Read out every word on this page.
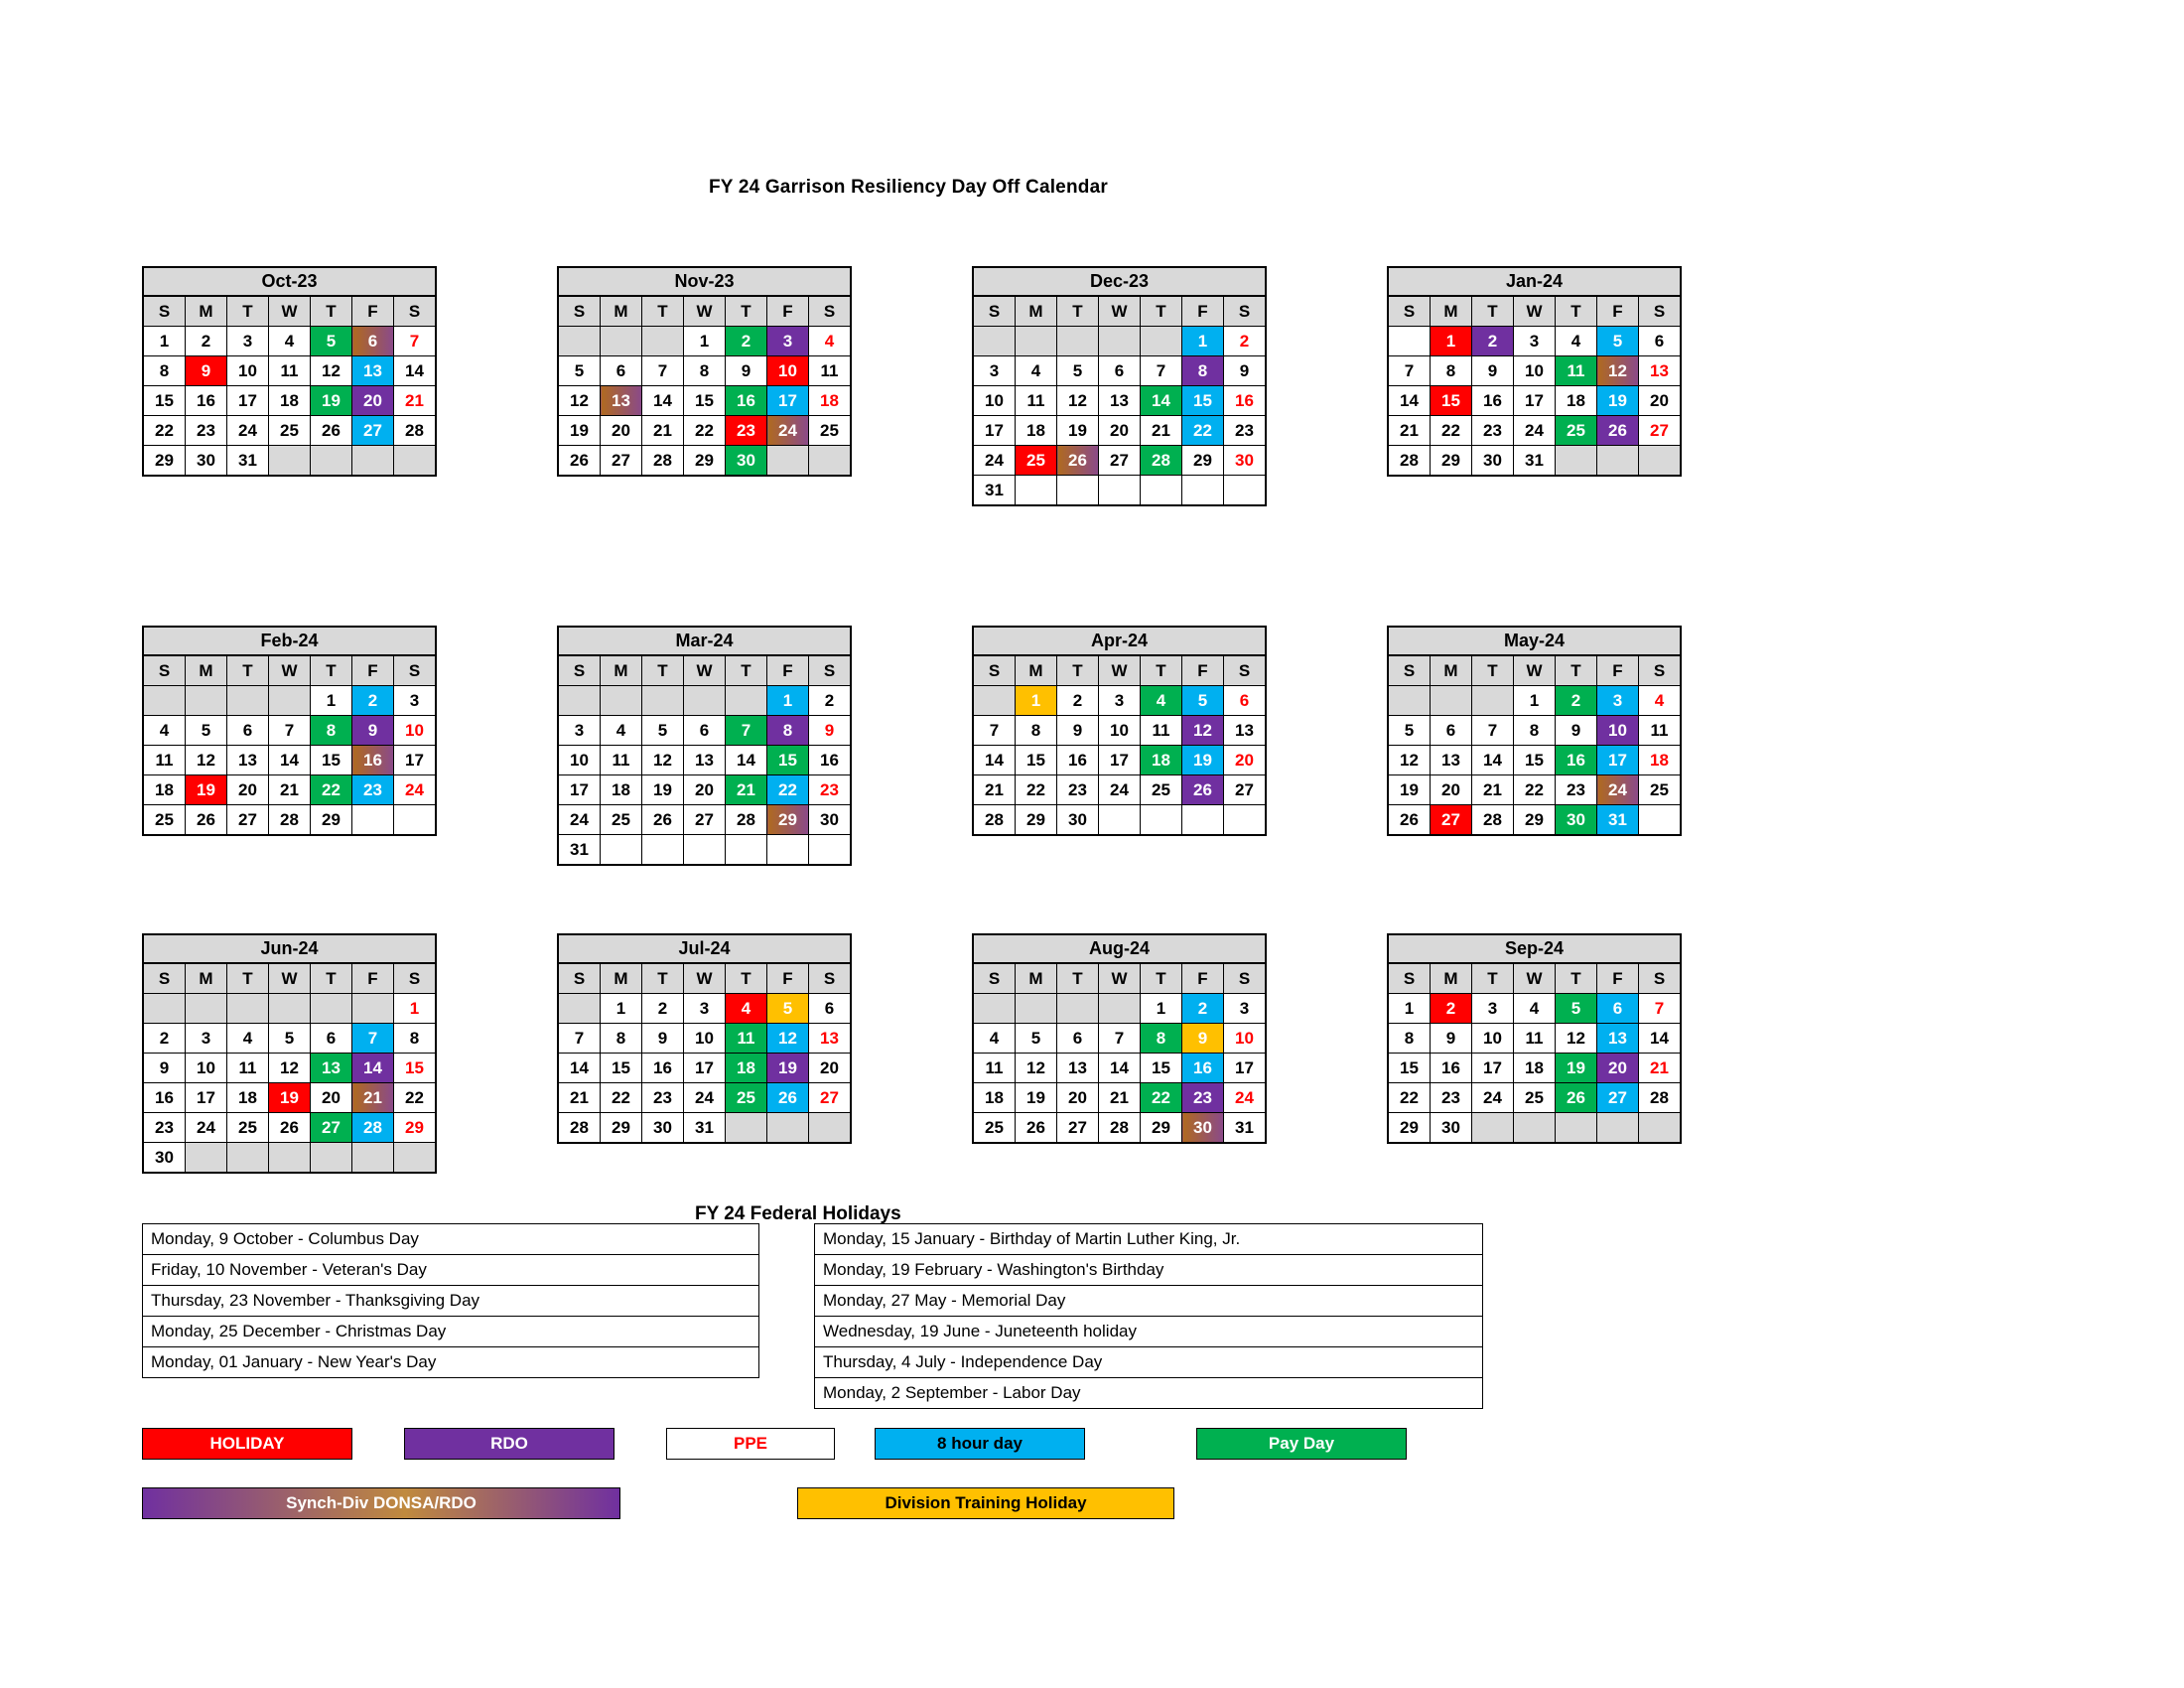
FY 24 Garrison Resiliency Day Off Calendar
Oct-23
S	M	T	W	T	F	S
1	2	3	4	5	6	7
8	9	10	11	12	13	14
15	16	17	18	19	20	21
22	23	24	25	26	27	28
29	30	31				
Nov-23
S	M	T	W	T	F	S
			1	2	3	4
5	6	7	8	9	10	11
12	13	14	15	16	17	18
19	20	21	22	23	24	25
26	27	28	29	30		
Dec-23
S	M	T	W	T	F	S
					1	2
3	4	5	6	7	8	9
10	11	12	13	14	15	16
17	18	19	20	21	22	23
24	25	26	27	28	29	30
31						
Jan-24
S	M	T	W	T	F	S
	1	2	3	4	5	6
7	8	9	10	11	12	13
14	15	16	17	18	19	20
21	22	23	24	25	26	27
28	29	30	31			
Feb-24
S	M	T	W	T	F	S
				1	2	3
4	5	6	7	8	9	10
11	12	13	14	15	16	17
18	19	20	21	22	23	24
25	26	27	28	29		
Mar-24
S	M	T	W	T	F	S
					1	2
3	4	5	6	7	8	9
10	11	12	13	14	15	16
17	18	19	20	21	22	23
24	25	26	27	28	29	30
31						
Apr-24
S	M	T	W	T	F	S
	1	2	3	4	5	6
7	8	9	10	11	12	13
14	15	16	17	18	19	20
21	22	23	24	25	26	27
28	29	30				
May-24
S	M	T	W	T	F	S
			1	2	3	4
5	6	7	8	9	10	11
12	13	14	15	16	17	18
19	20	21	22	23	24	25
26	27	28	29	30	31	
Jun-24
S	M	T	W	T	F	S
						1
2	3	4	5	6	7	8
9	10	11	12	13	14	15
16	17	18	19	20	21	22
23	24	25	26	27	28	29
30						
Jul-24
S	M	T	W	T	F	S
	1	2	3	4	5	6
7	8	9	10	11	12	13
14	15	16	17	18	19	20
21	22	23	24	25	26	27
28	29	30	31			
Aug-24
S	M	T	W	T	F	S
				1	2	3
4	5	6	7	8	9	10
11	12	13	14	15	16	17
18	19	20	21	22	23	24
25	26	27	28	29	30	31
Sep-24
S	M	T	W	T	F	S
1	2	3	4	5	6	7
8	9	10	11	12	13	14
15	16	17	18	19	20	21
22	23	24	25	26	27	28
29	30					
FY 24 Federal Holidays
Monday, 9 October - Columbus Day
Friday, 10 November - Veteran's Day
Thursday, 23 November - Thanksgiving Day
Monday, 25 December - Christmas Day
Monday, 01 January - New Year's Day
Monday, 15 January - Birthday of Martin Luther King, Jr.
Monday, 19 February - Washington's Birthday
Monday, 27 May - Memorial Day
Wednesday, 19 June - Juneteenth holiday
Thursday, 4 July - Independence Day
Monday, 2 September - Labor Day
HOLIDAY	RDO	PPE	8 hour day	Pay Day
Synch-Div DONSA/RDO	Division Training Holiday
